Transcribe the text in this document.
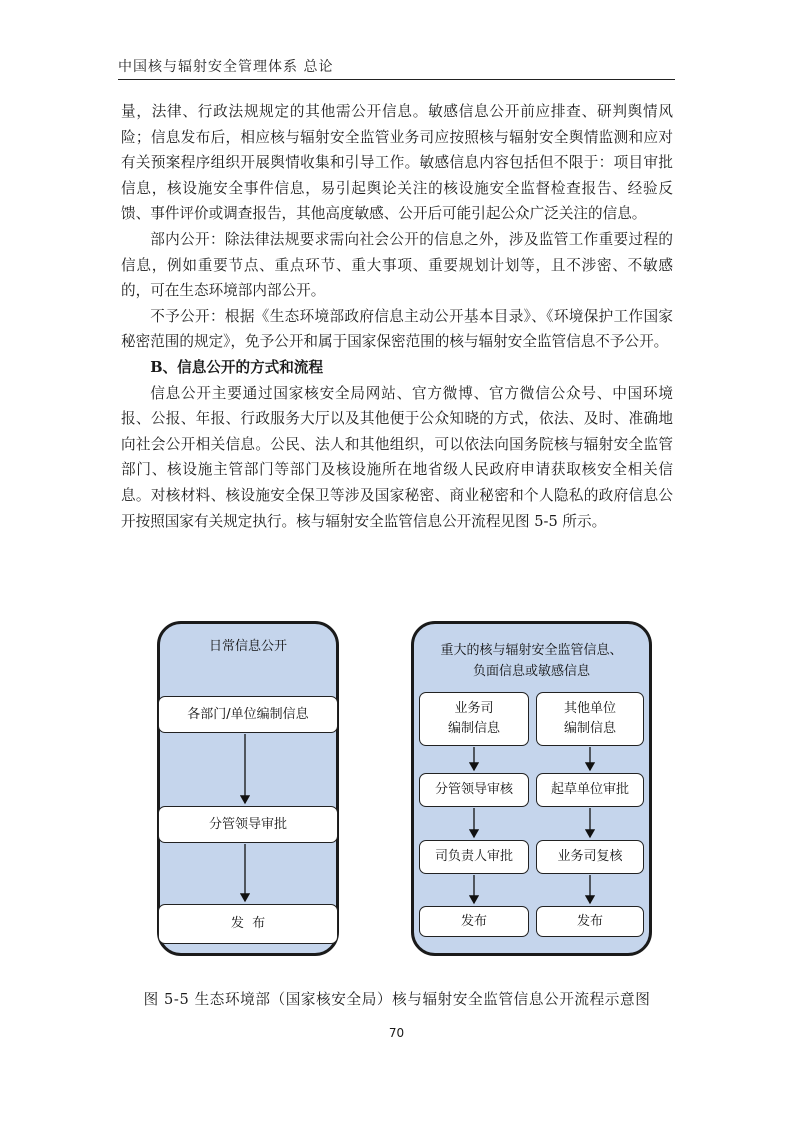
中国核与辐射安全管理体系 总论

量，法律、行政法规规定的其他需公开信息。敏感信息公开前应排查、研判舆情风险；信息发布后，相应核与辐射安全监管业务司应按照核与辐射安全舆情监测和应对有关预案程序组织开展舆情收集和引导工作。敏感信息内容包括但不限于：项目审批信息，核设施安全事件信息，易引起舆论关注的核设施安全监督检查报告、经验反馈、事件评价或调查报告，其他高度敏感、公开后可能引起公众广泛关注的信息。

部内公开：除法律法规要求需向社会公开的信息之外，涉及监管工作重要过程的信息，例如重要节点、重点环节、重大事项、重要规划计划等，且不涉密、不敏感的，可在生态环境部内部公开。

不予公开：根据《生态环境部政府信息主动公开基本目录》、《环境保护工作国家秘密范围的规定》，免予公开和属于国家保密范围的核与辐射安全监管信息不予公开。

B、信息公开的方式和流程

信息公开主要通过国家核安全局网站、官方微博、官方微信公众号、中国环境报、公报、年报、行政服务大厅以及其他便于公众知晓的方式，依法、及时、准确地向社会公开相关信息。公民、法人和其他组织，可以依法向国务院核与辐射安全监管部门、核设施主管部门等部门及核设施所在地省级人民政府申请获取核安全相关信息。对核材料、核设施安全保卫等涉及国家秘密、商业秘密和个人隐私的政府信息公开按照国家有关规定执行。核与辐射安全监管信息公开流程见图 5-5 所示。

日常信息公开
各部门/单位编制信息
分管领导审批
发  布
重大的核与辐射安全监管信息、
负面信息或敏感信息
业务司
编制信息
其他单位
编制信息
分管领导审核	起草单位审批
司负责人审批	业务司复核
发布	发布
图 5-5 生态环境部（国家核安全局）核与辐射安全监管信息公开流程示意图
70
